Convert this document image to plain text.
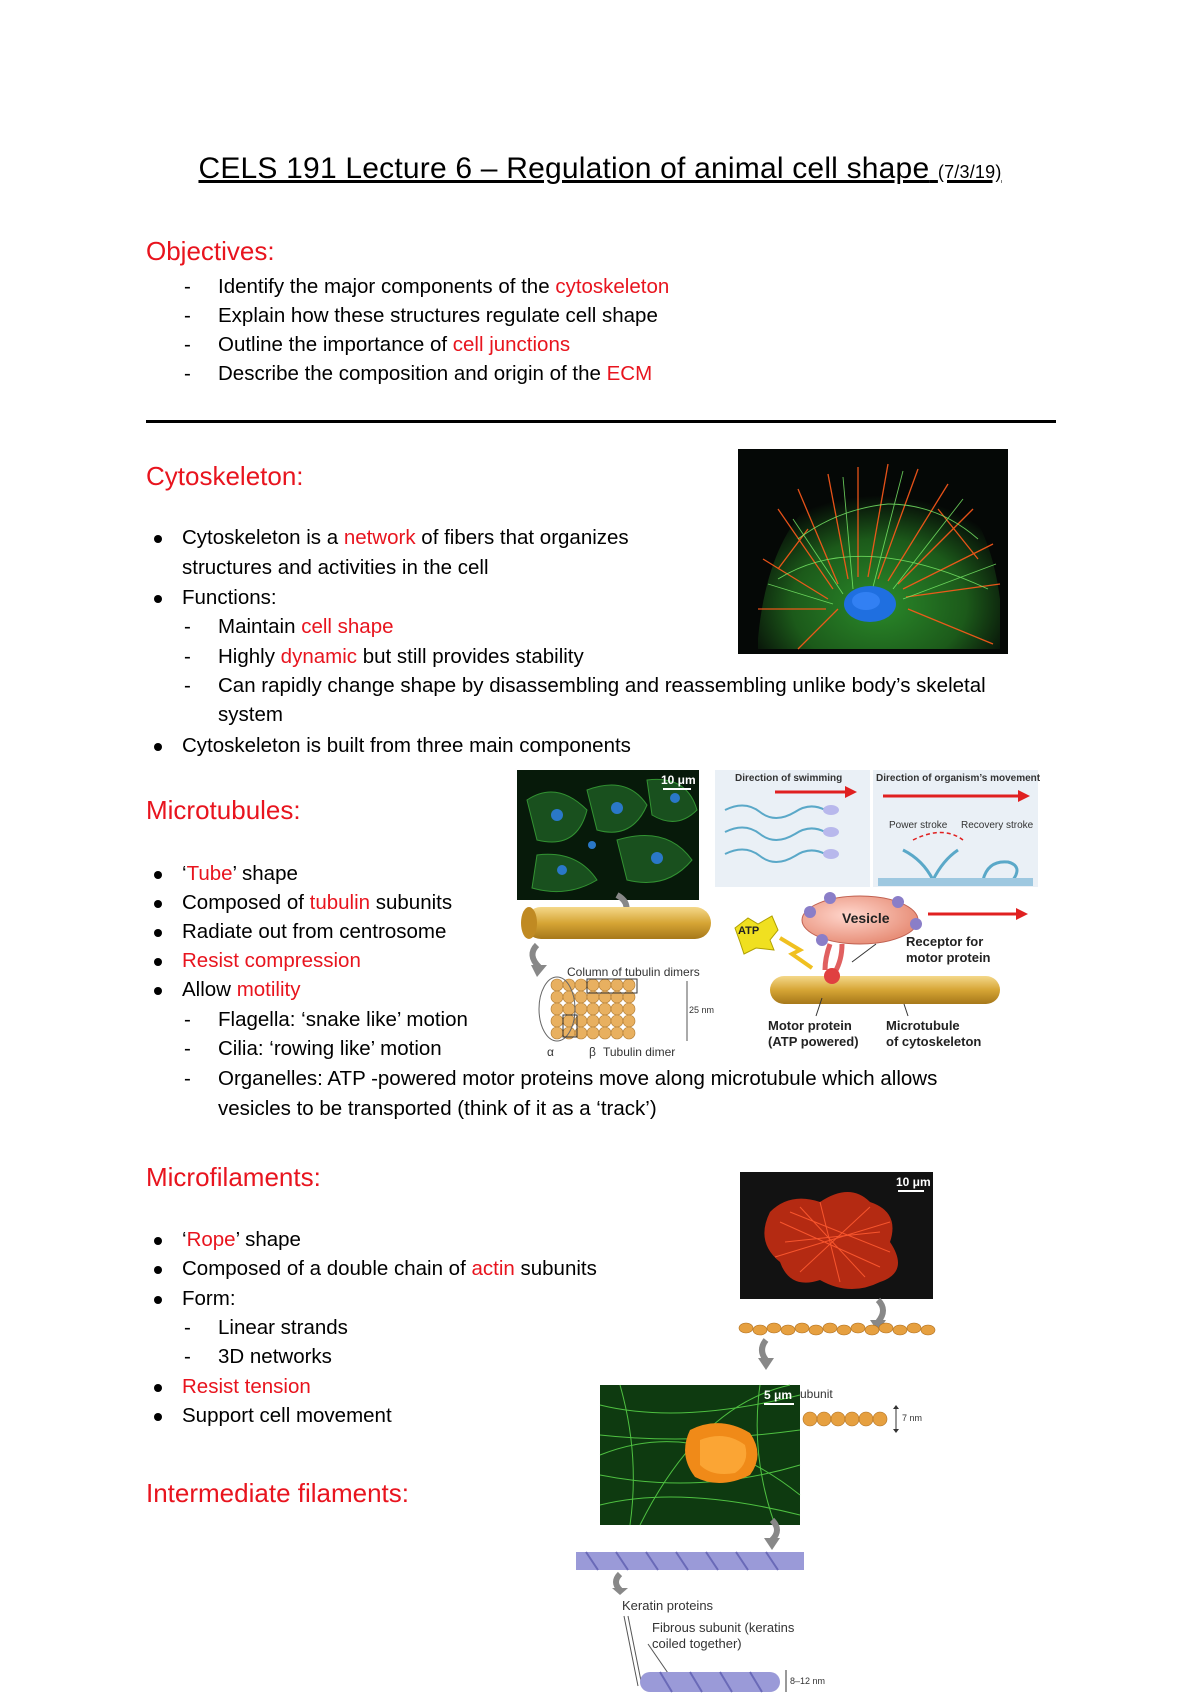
CELS 191 Lecture 6 – Regulation of animal cell shape (7/3/19)
Objectives:
Identify the major components of the cytoskeleton
Explain how these structures regulate cell shape
Outline the importance of cell junctions
Describe the composition and origin of the ECM
Cytoskeleton:
Cytoskeleton is a network of fibers that organizes
structures and activities in the cell
Functions:
Maintain cell shape
Highly dynamic but still provides stability
Can rapidly change shape by disassembling and reassembling unlike body’s skeletal
system
Cytoskeleton is built from three main components
Microtubules:
‘Tube’ shape
Composed of tubulin subunits
Radiate out from centrosome
Resist compression
Allow motility
Flagella: ‘snake like’ motion
Cilia: ‘rowing like’ motion
Organelles: ATP -powered motor proteins move along microtubule which allows
vesicles to be transported (think of it as a ‘track’)
10 μm
Column of tubulin dimers
25 nm
α	β Tubulin dimer
Direction of swimming	Direction of organism’s movement
Power stroke Recovery stroke
ATP
Vesicle
Receptor for
motor protein
Motor protein
(ATP powered)
Microtubule
of cytoskeleton
Microfilaments:
‘Rope’ shape
Composed of a double chain of actin subunits
Form:
Linear strands
3D networks
Resist tension
Support cell movement
10 μm
5 μm ubunit
7 nm
Keratin proteins
Fibrous subunit (keratins
coiled together)
8–12 nm
Intermediate filaments:
